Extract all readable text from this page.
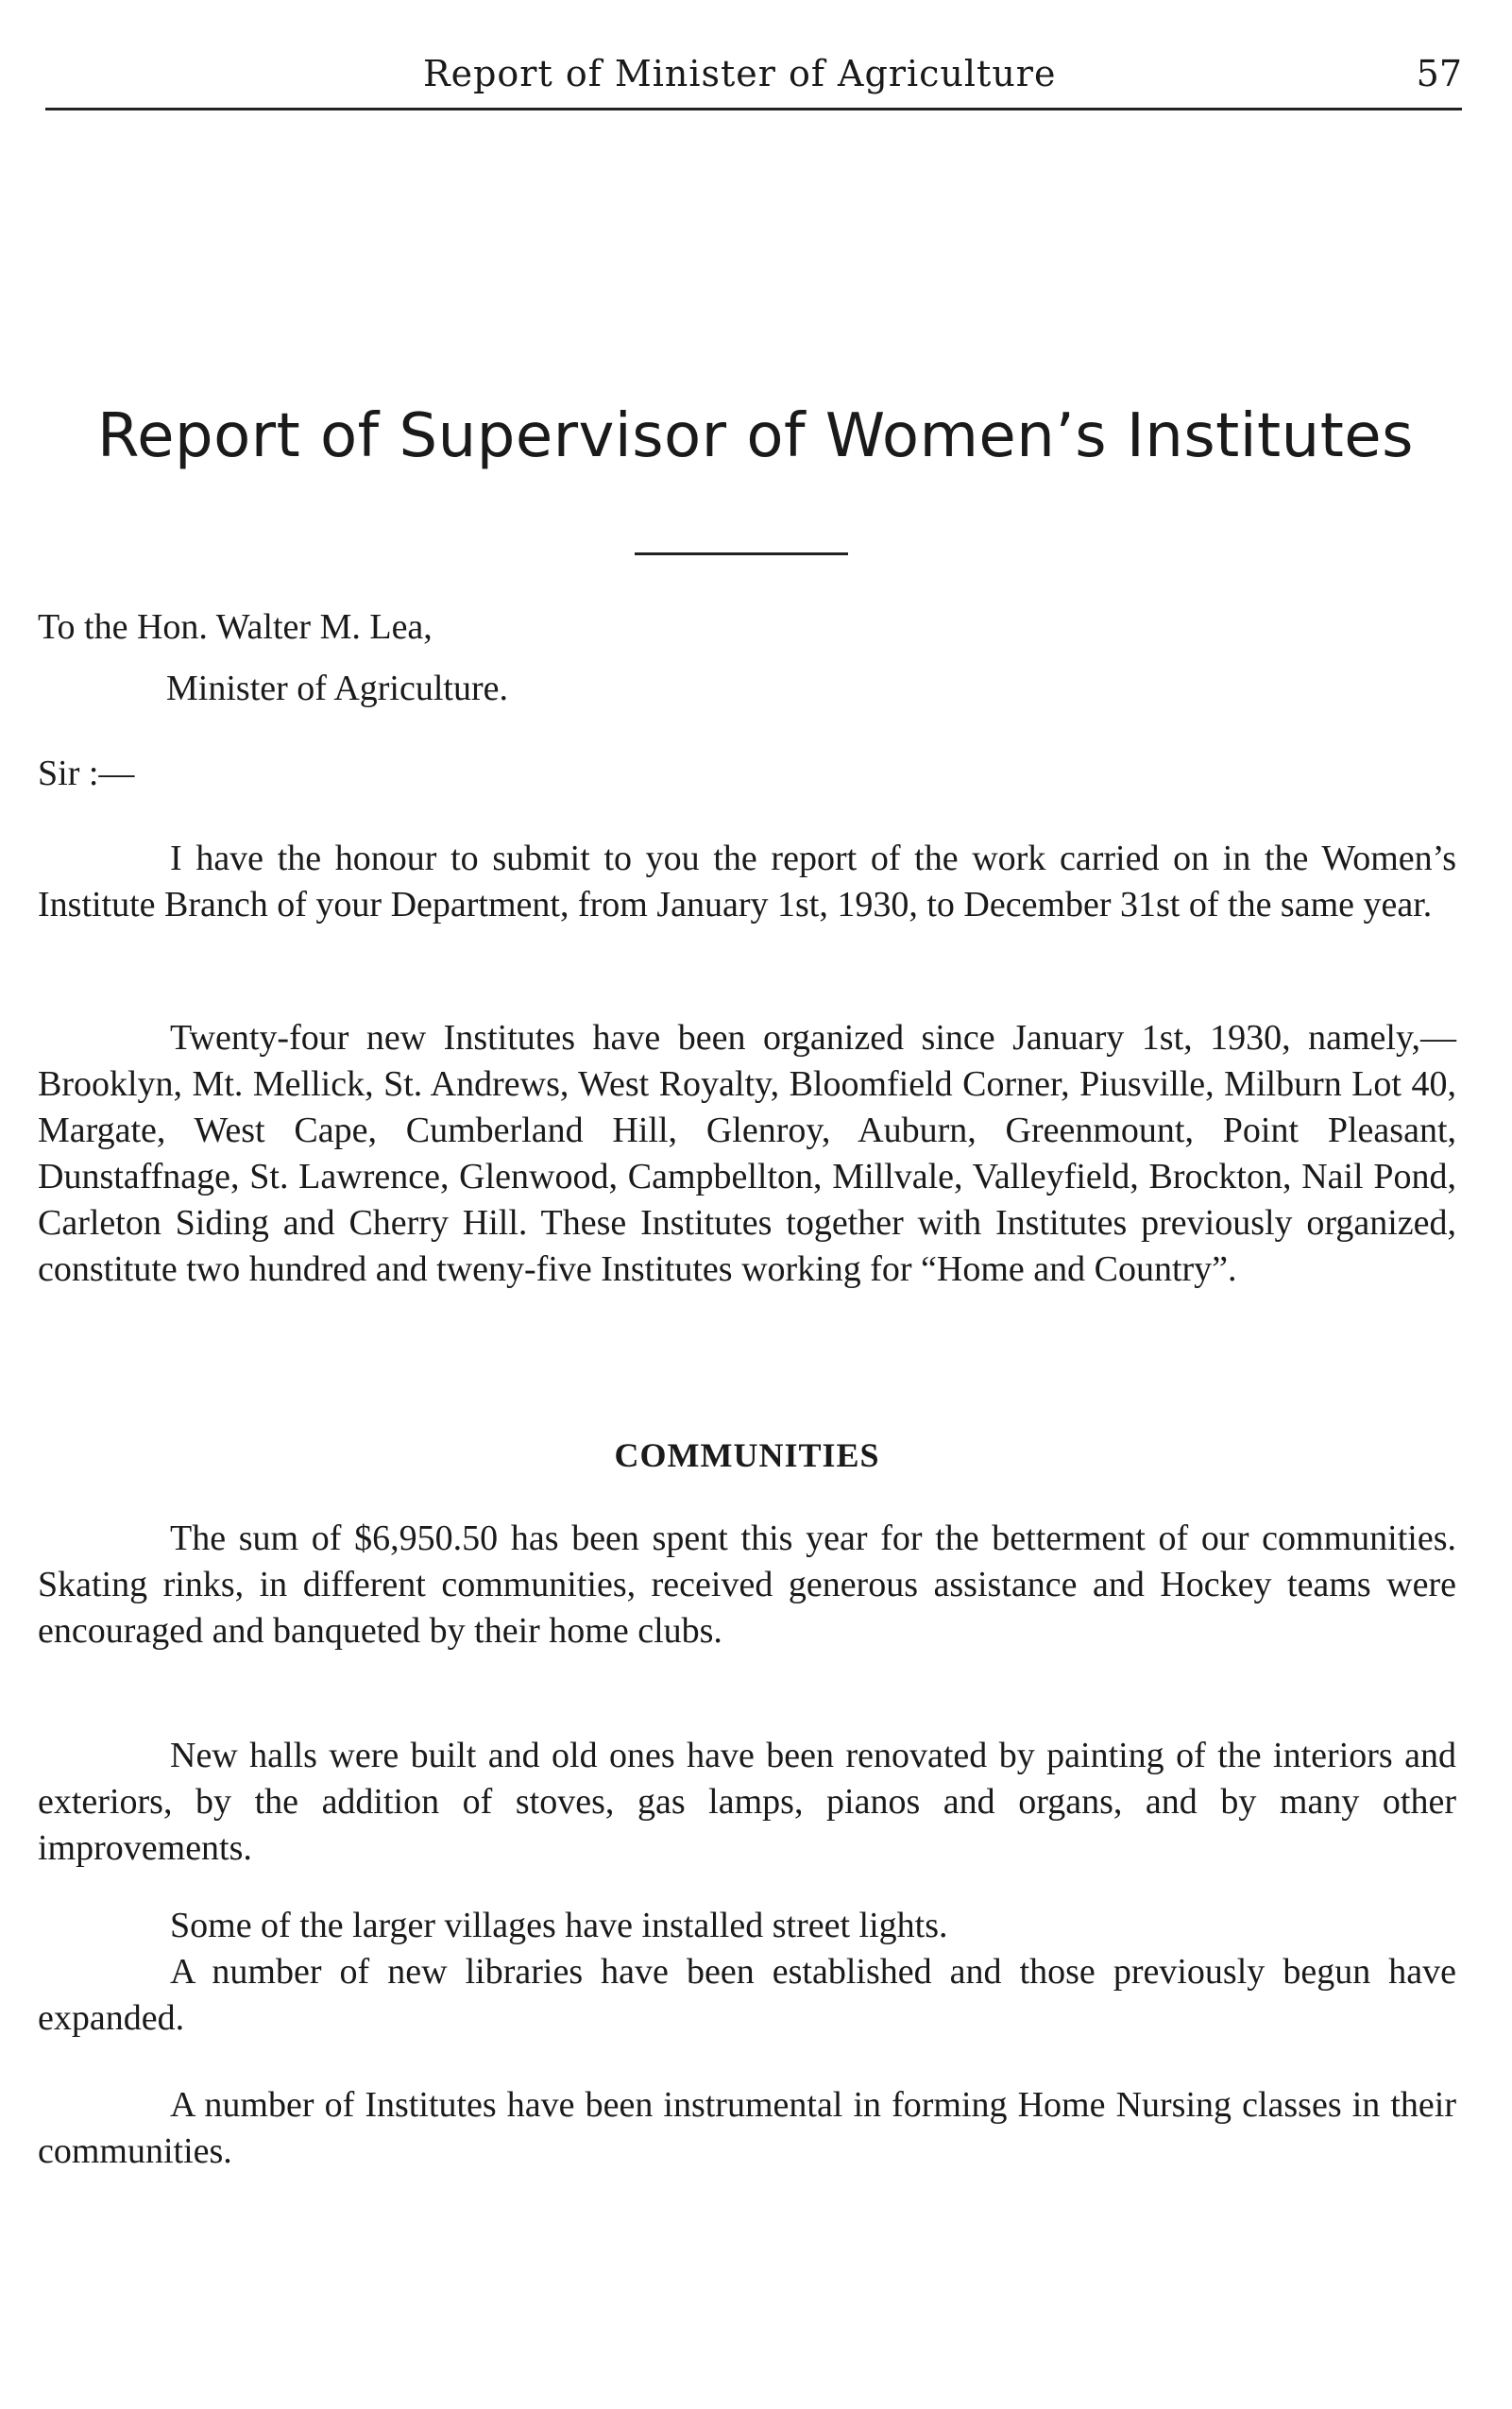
Report of Minister of Agriculture	57
Report of Supervisor of Women’s Institutes
To the Hon. Walter M. Lea,
Minister of Agriculture.
Sir :—

I have the honour to submit to you the report of the work carried on in the Women’s Institute Branch of your Department, from January 1st, 1930, to December 31st of the same year.

Twenty-four new Institutes have been organized since January 1st, 1930, namely,— Brooklyn, Mt. Mellick, St. Andrews, West Royalty, Bloomfield Corner, Piusville, Milburn Lot 40, Margate, West Cape, Cumberland Hill, Glenroy, Auburn, Greenmount, Point Pleasant, Dunstaffnage, St. Lawrence, Glenwood, Campbellton, Millvale, Valleyfield, Brockton, Nail Pond, Carleton Siding and Cherry Hill. These Institutes together with Institutes previously organized, constitute two hundred and tweny-five Institutes working for “Home and Country”.

COMMUNITIES

The sum of $6,950.50 has been spent this year for the betterment of our communities. Skating rinks, in different communities, received generous assistance and Hockey teams were encouraged and banqueted by their home clubs.

New halls were built and old ones have been renovated by painting of the interiors and exteriors, by the addition of stoves, gas lamps, pianos and organs, and by many other improvements.

Some of the larger villages have installed street lights.

A number of new libraries have been established and those previously begun have expanded.

A number of Institutes have been instrumental in forming Home Nursing classes in their communities.
